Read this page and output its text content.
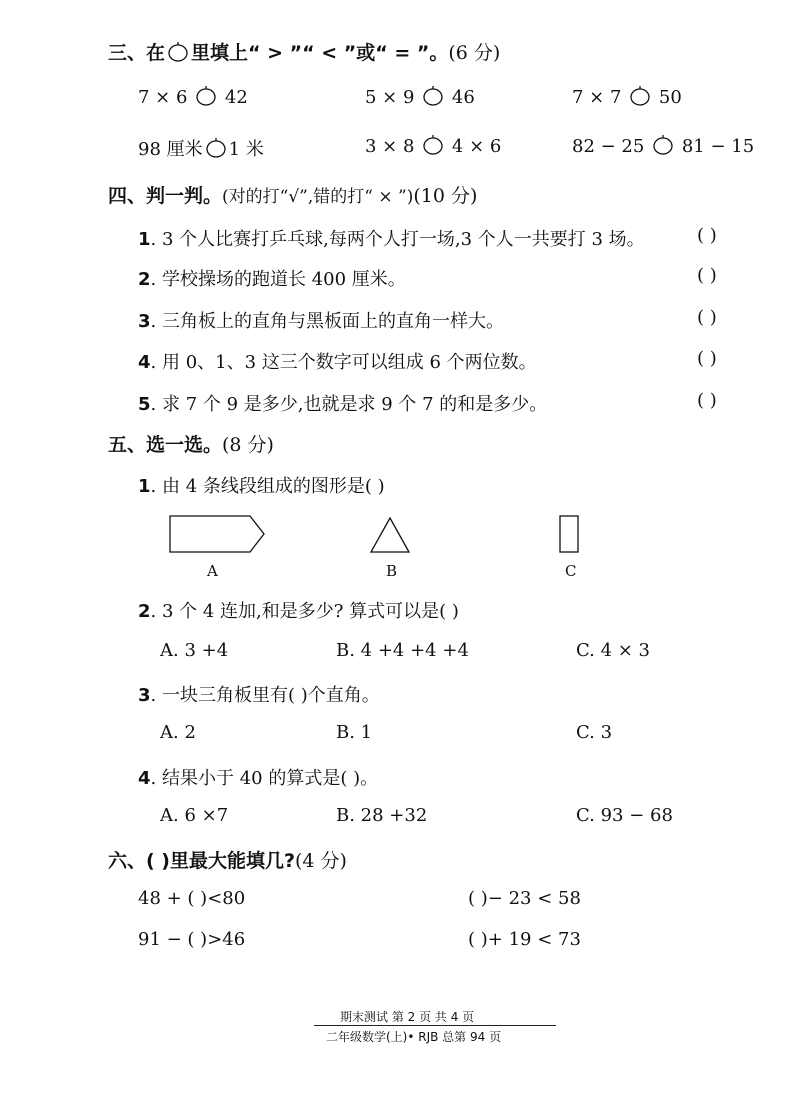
三、在 里填上“ > ”“ < ”或“ = ”。(6 分)
7 × 6 42	5 × 9 46	7 × 7 50
98 厘米 1 米	3 × 8 4 × 6	82 − 25 81 − 15
四、判一判。(对的打“√”,错的打“ × ”)(10 分)
1. 3 个人比赛打乒乓球,每两个人打一场,3 个人一共要打 3 场。	( )
2. 学校操场的跑道长 400 厘米。	( )
3. 三角板上的直角与黑板面上的直角一样大。	( )
4. 用 0、1、3 这三个数字可以组成 6 个两位数。	( )
5. 求 7 个 9 是多少,也就是求 9 个 7 的和是多少。	( )
五、选一选。(8 分)
1. 由 4 条线段组成的图形是( )
A	B	C
2. 3 个 4 连加,和是多少? 算式可以是( )
A. 3 +4	B. 4 +4 +4 +4	C. 4 × 3
3. 一块三角板里有( )个直角。
A. 2	B. 1	C. 3
4. 结果小于 40 的算式是( )。
A. 6 ×7	B. 28 +32	C. 93 − 68
六、( )里最大能填几?(4 分)
48 + ( )<80	( )− 23 < 58
91 − ( )>46	( )+ 19 < 73
期末测试 第 2 页 共 4 页
二年级数学(上)• RJB 总第 94 页
